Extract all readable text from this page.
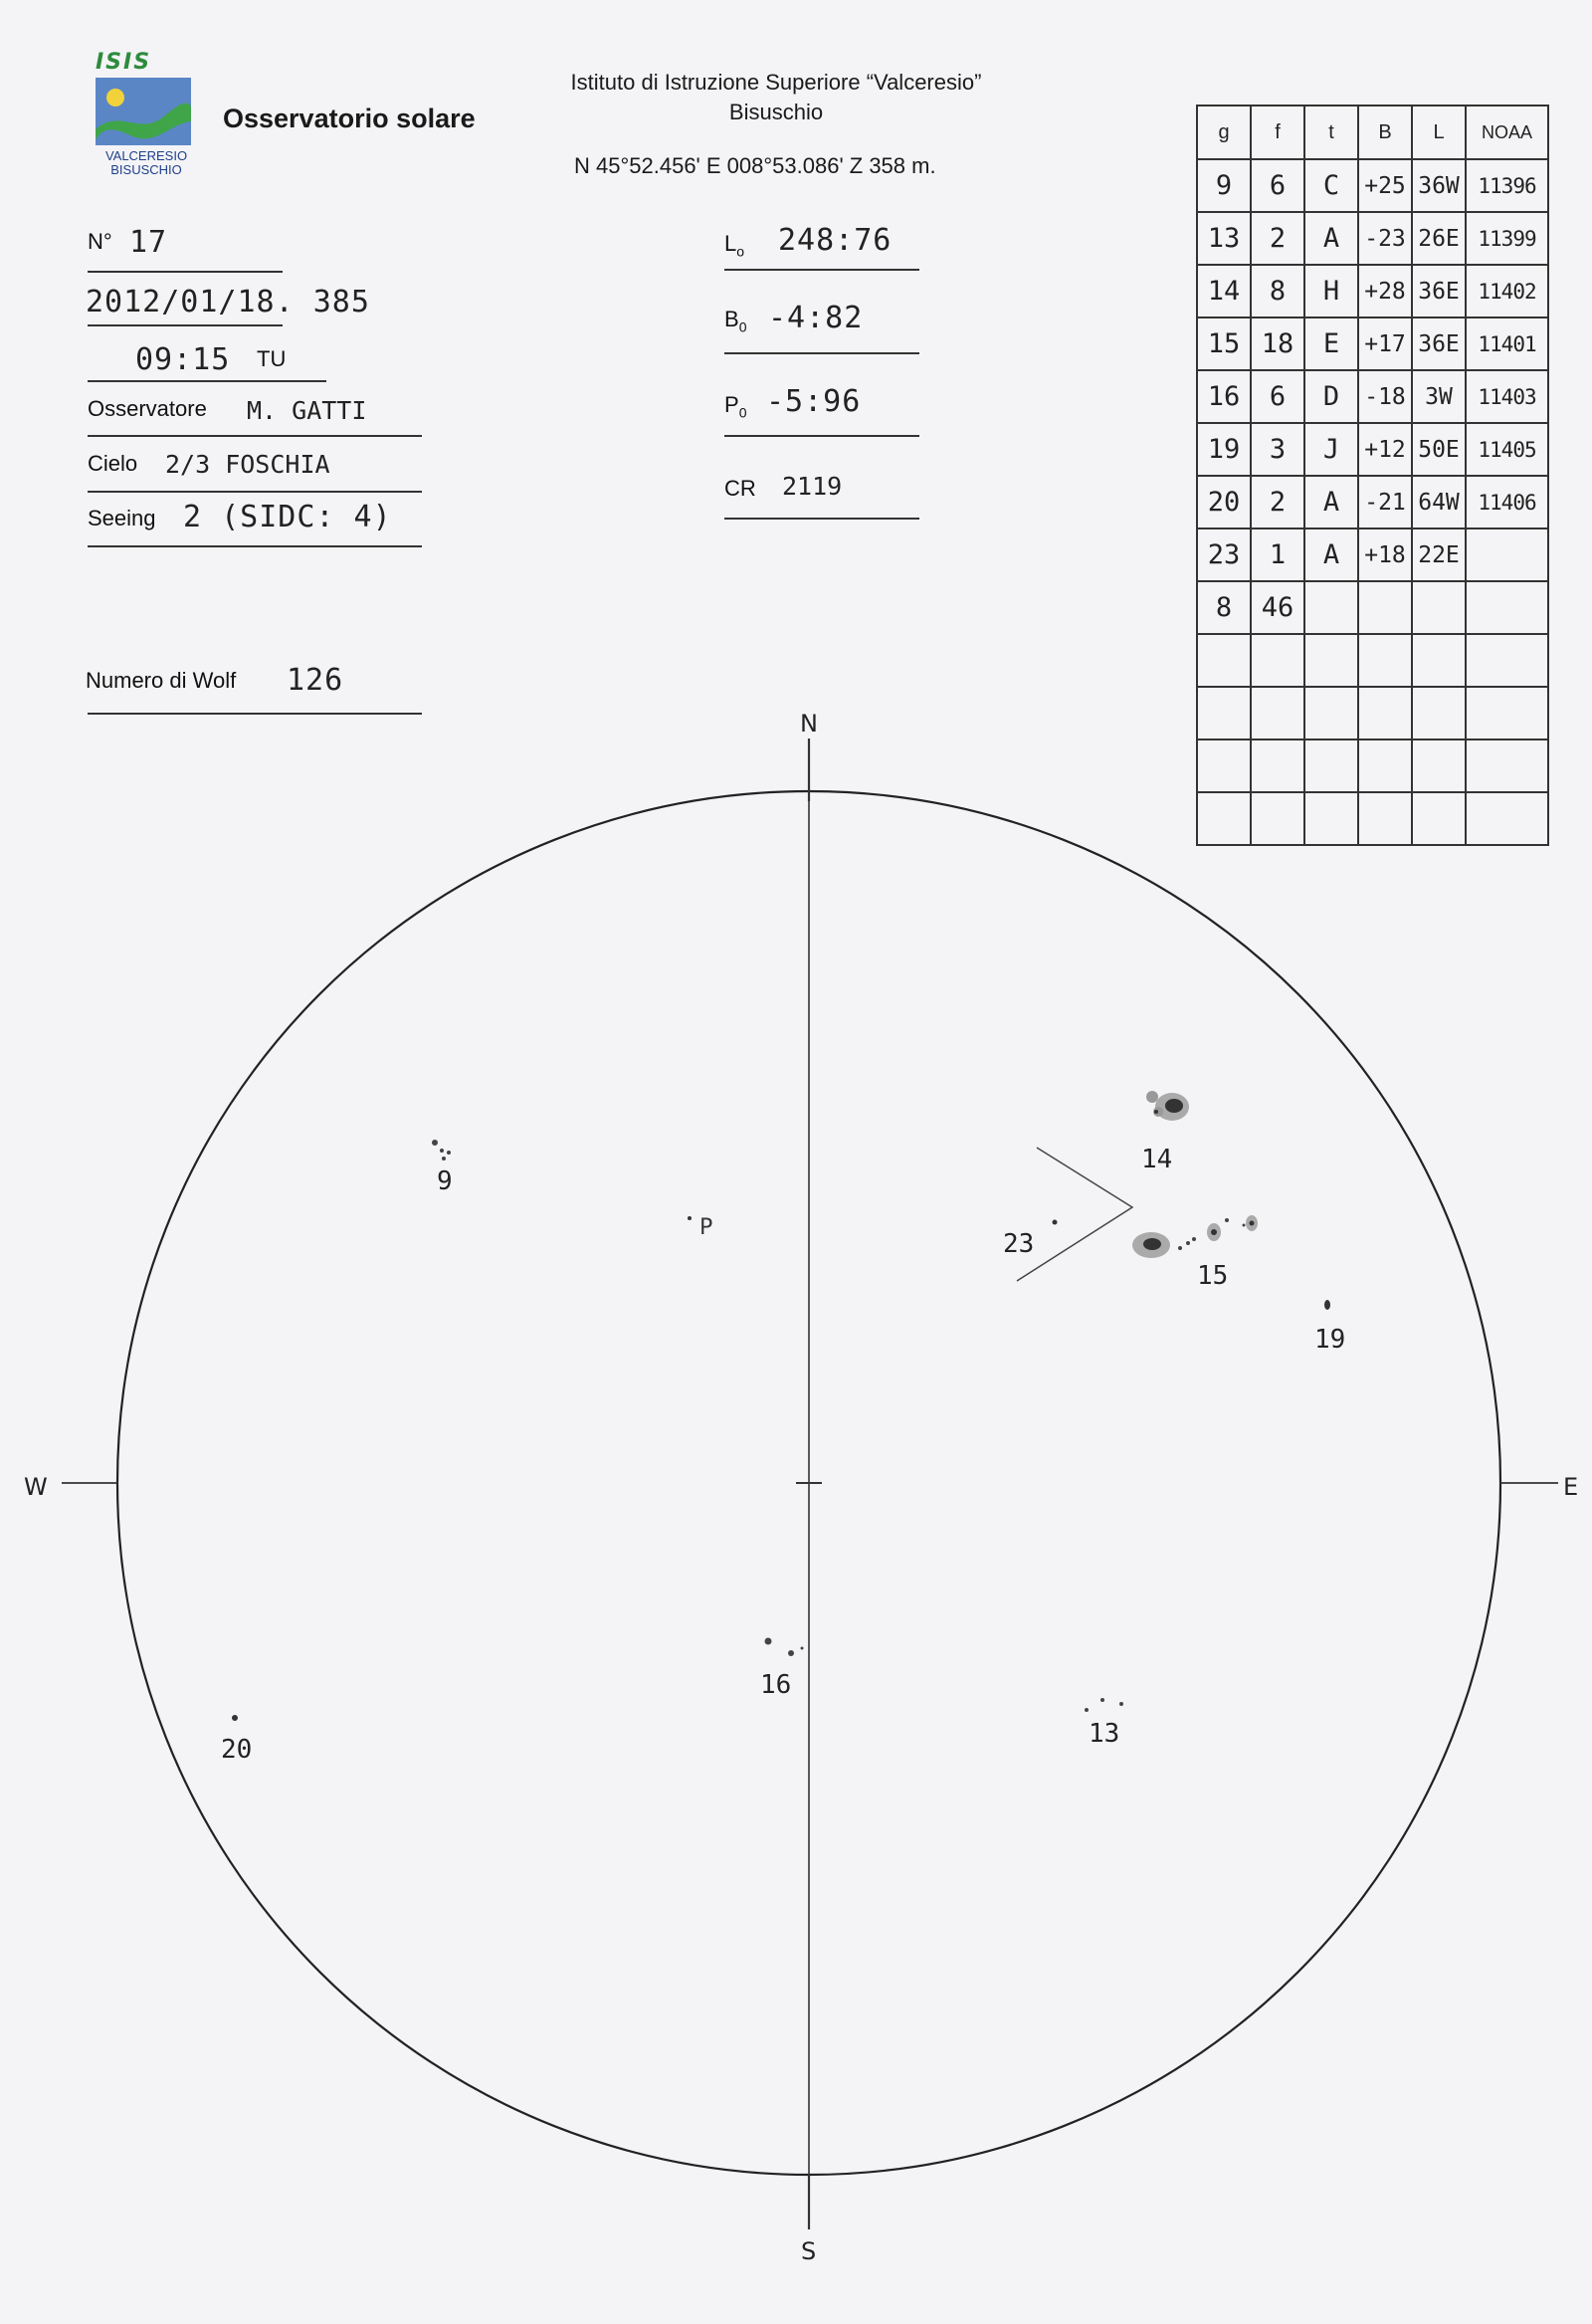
ISIS
VALCERESIO
BISUSCHIO
Osservatorio solare
Istituto di Istruzione Superiore “Valceresio”
Bisuschio
N 45°52.456' E 008°53.086' Z 358 m.
N° 17
2012/01/18. 385
09:15 TU
Osservatore M. GATTI
Cielo 2/3 FOSCHIA
Seeing 2 (SIDC: 4)
Numero di Wolf 126
$L_o$ 248:76
$B_0$ -4:82
$P_0$ -5:96
CR 2119
g	f	t	B	L	NOAA
9	6	C	+25	36W	11396
13	2	A	-23	26E	11399
14	8	H	+28	36E	11402
15	18	E	+17	36E	11401
16	6	D	-18	3W	11403
19	3	J	+12	50E	11405
20	2	A	-21	64W	11406
23	1	A	+18	22E	
8	46				

N
S
W	E
P
9
14
23
15
19
16
20
13
